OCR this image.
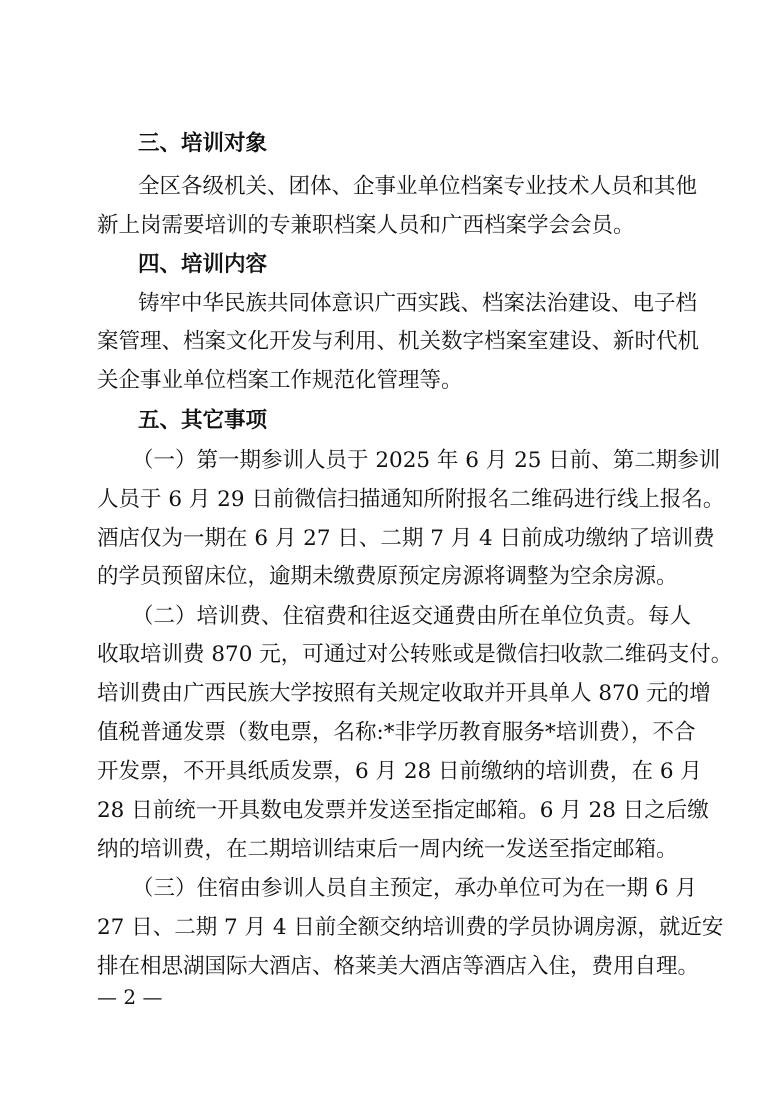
三、培训对象
全区各级机关、团体、企事业单位档案专业技术人员和其他
新上岗需要培训的专兼职档案人员和广西档案学会会员。
四、培训内容
铸牢中华民族共同体意识广西实践、档案法治建设、电子档
案管理、档案文化开发与利用、机关数字档案室建设、新时代机
关企事业单位档案工作规范化管理等。
五、其它事项
（一）第一期参训人员于 2025 年 6 月 25 日前、第二期参训
人员于 6 月 29 日前微信扫描通知所附报名二维码进行线上报名。
酒店仅为一期在 6 月 27 日、二期 7 月 4 日前成功缴纳了培训费
的学员预留床位，逾期未缴费原预定房源将调整为空余房源。
（二）培训费、住宿费和往返交通费由所在单位负责。每人
收取培训费 870 元，可通过对公转账或是微信扫收款二维码支付。
培训费由广西民族大学按照有关规定收取并开具单人 870 元的增
值税普通发票（数电票，名称:*非学历教育服务*培训费），不合
开发票，不开具纸质发票，6 月 28 日前缴纳的培训费，在 6 月
28 日前统一开具数电发票并发送至指定邮箱。6 月 28 日之后缴
纳的培训费，在二期培训结束后一周内统一发送至指定邮箱。
（三）住宿由参训人员自主预定，承办单位可为在一期 6 月
27 日、二期 7 月 4 日前全额交纳培训费的学员协调房源，就近安
排在相思湖国际大酒店、格莱美大酒店等酒店入住，费用自理。
— 2 —
